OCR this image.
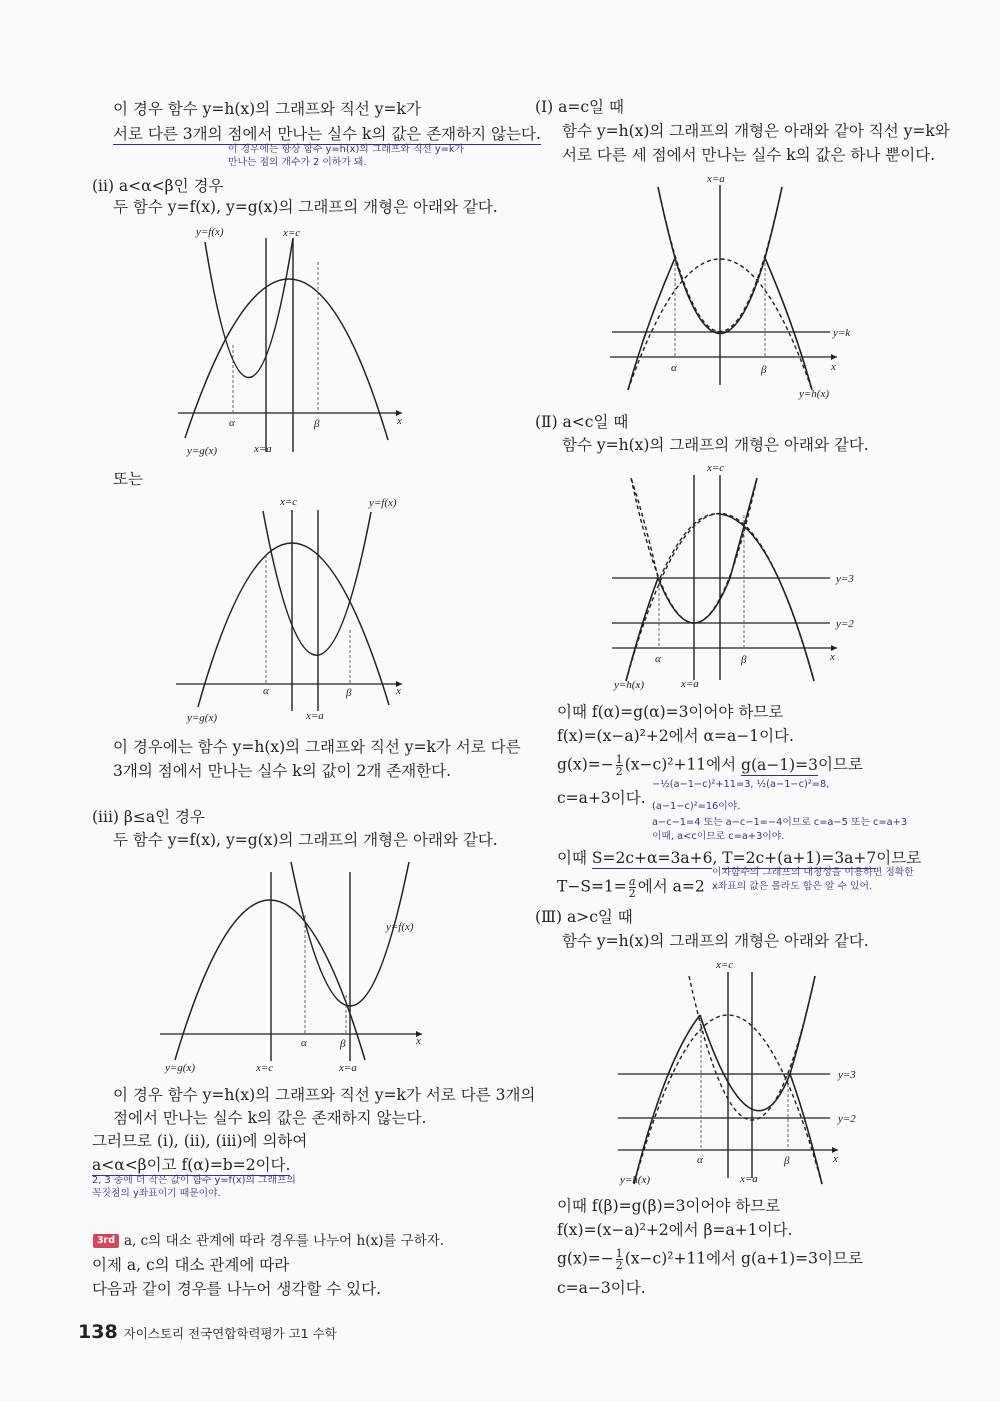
이 경우 함수 y=h(x)의 그래프와 직선 y=k가
서로 다른 3개의 점에서 만나는 실수 k의 값은 존재하지 않는다.
이 경우에는 항상 함수 y=h(x)의 그래프와 직선 y=k가
만나는 점의 개수가 2 이하가 돼.
(ii) a<α<β인 경우
두 함수 y=f(x), y=g(x)의 그래프의 개형은 아래와 같다.
y=f(x)	x=c
α	β	x
y=g(x)	x=a
또는
x=c	y=f(x)
α	β	x
y=g(x)	x=a
이 경우에는 함수 y=h(x)의 그래프와 직선 y=k가 서로 다른
3개의 점에서 만나는 실수 k의 값이 2개 존재한다.
(iii) β≤a인 경우
두 함수 y=f(x), y=g(x)의 그래프의 개형은 아래와 같다.
y=f(x)
α	β	x
y=g(x)	x=c	x=a
이 경우 함수 y=h(x)의 그래프와 직선 y=k가 서로 다른 3개의
점에서 만나는 실수 k의 값은 존재하지 않는다.
그러므로 (i), (ii), (iii)에 의하여
a<α<β이고 f(α)=b=2이다.
2, 3 중에 더 작은 값이 함수 y=f(x)의 그래프의
꼭짓점의 y좌표이기 때문이야.
3rd a, c의 대소 관계에 따라 경우를 나누어 h(x)를 구하자.
이제 a, c의 대소 관계에 따라
다음과 같이 경우를 나누어 생각할 수 있다.
(Ⅰ) a=c일 때
함수 y=h(x)의 그래프의 개형은 아래와 같아 직선 y=k와
서로 다른 세 점에서 만나는 실수 k의 값은 하나 뿐이다.
x=a
y=k
α	β	x
y=h(x)
(Ⅱ) a<c일 때
함수 y=h(x)의 그래프의 개형은 아래와 같다.
x=c
y=3
y=2
α	β	x
y=h(x)	x=a
이때 f(α)=g(α)=3이어야 하므로
f(x)=(x−a)²+2에서 α=a−1이다.
$g(x)=- \frac{1}{2} (x-c)^2+11$에서 g(a−1)=3이므로
−½(a−1−c)²+11=3, ½(a−1−c)²=8,
c=a+3이다. (a−1−c)²=16이야.
a−c−1=4 또는 a−c−1=−4이므로 c=a−5 또는 c=a+3
이때, a<c이므로 c=a+3이야.
이때 S=2c+α=3a+6, T=2c+(a+1)=3a+7이므로
이차함수의 그래프의 대칭성을 이용하면 정확한
$T-S=1= \frac{a}{2}$ 에서 a=2 x좌표의 값은 몰라도 합은 알 수 있어.
(Ⅲ) a>c일 때
함수 y=h(x)의 그래프의 개형은 아래와 같다.
x=c
y=3
y=2
α	β	x
y=h(x)	x=a
이때 f(β)=g(β)=3이어야 하므로
f(x)=(x−a)²+2에서 β=a+1이다.
$g(x)=- \frac{1}{2} (x-c)^2+11$에서 g(a+1)=3이므로
c=a−3이다.
138 자이스토리 전국연합학력평가 고1 수학
